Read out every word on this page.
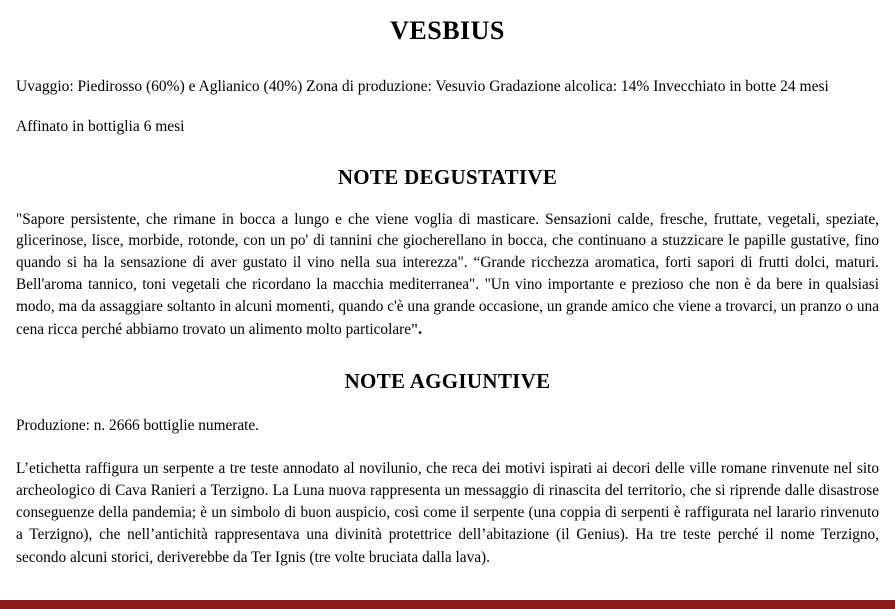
VESBIUS

Uvaggio: Piedirosso (60%) e Aglianico (40%) Zona di produzione: Vesuvio Gradazione alcolica: 14% Invecchiato in botte 24 mesi

Affinato in bottiglia 6 mesi

NOTE DEGUSTATIVE

"Sapore persistente, che rimane in bocca a lungo e che viene voglia di masticare. Sensazioni calde, fresche, fruttate, vegetali, speziate, glicerinose, lisce, morbide, rotonde, con un po' di tannini che giocherellano in bocca, che continuano a stuzzicare le papille gustative, fino quando si ha la sensazione di aver gustato il vino nella sua interezza". “Grande ricchezza aromatica, forti sapori di frutti dolci, maturi. Bell'aroma tannico, toni vegetali che ricordano la macchia mediterranea". "Un vino importante e prezioso che non è da bere in qualsiasi modo, ma da assaggiare soltanto in alcuni momenti, quando c'è una grande occasione, un grande amico che viene a trovarci, un pranzo o una cena ricca perché abbiamo trovato un alimento molto particolare".

NOTE AGGIUNTIVE

Produzione: n. 2666 bottiglie numerate.

L’etichetta raffigura un serpente a tre teste annodato al novilunio, che reca dei motivi ispirati ai decori delle ville romane rinvenute nel sito archeologico di Cava Ranieri a Terzigno. La Luna nuova rappresenta un messaggio di rinascita del territorio, che si riprende dalle disastrose conseguenze della pandemia; è un simbolo di buon auspicio, così come il serpente (una coppia di serpenti è raffigurata nel larario rinvenuto a Terzigno), che nell’antichità rappresentava una divinità protettrice dell’abitazione (il Genius). Ha tre teste perché il nome Terzigno, secondo alcuni storici, deriverebbe da Ter Ignis (tre volte bruciata dalla lava).
